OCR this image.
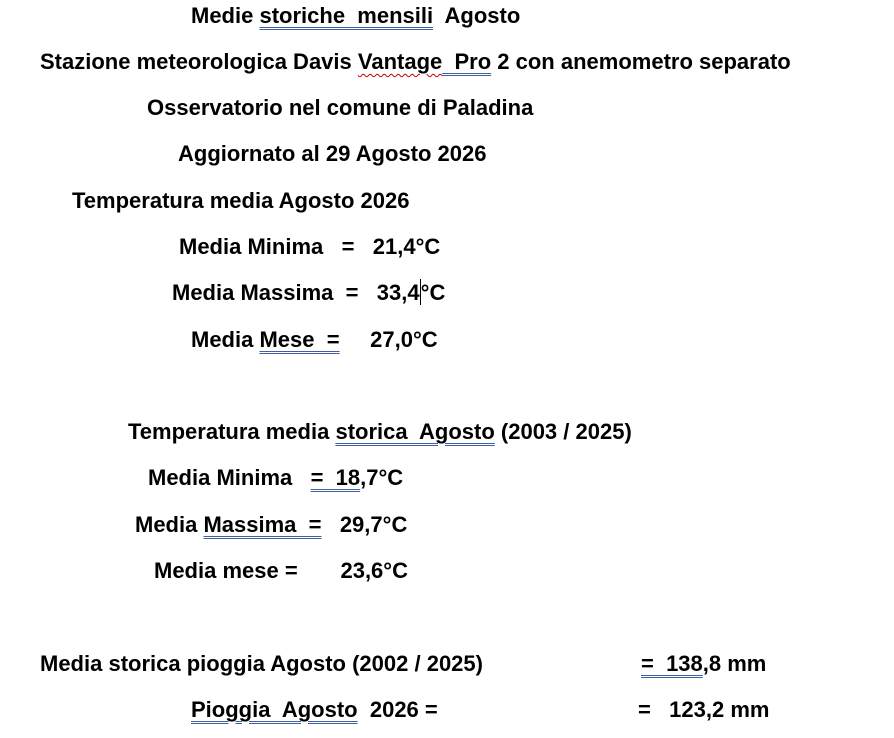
Medie storiche  mensili  Agosto
Stazione meteorologica Davis Vantage Pro 2 con anemometro separato
Osservatorio nel comune di Paladina
Aggiornato al 29 Agosto 2026
Temperatura media Agosto 2026
Media Minima   =   21,4°C
Media Massima  =   33,4°C
Media Mese  =     27,0°C
Temperatura media storica  Agosto (2003 / 2025)
Media Minima   =  18,7°C
Media Massima  =   29,7°C
Media mese =       23,6°C
Media storica pioggia Agosto (2002 / 2025)	=  138,8 mm
Pioggia  Agosto  2026 =	=   123,2 mm
